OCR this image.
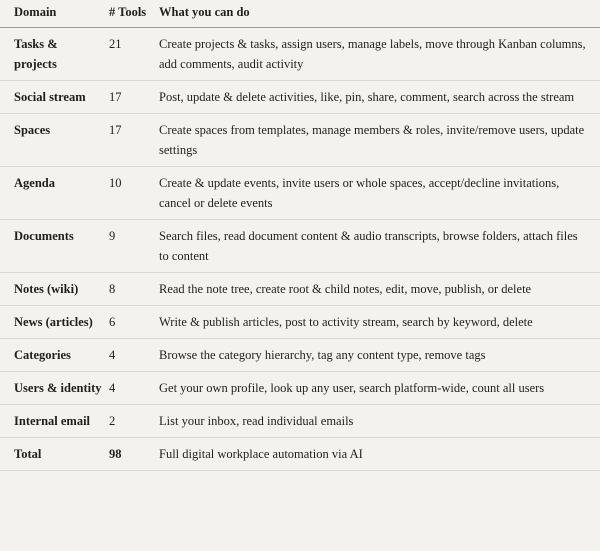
Domain	# Tools	What you can do
Tasks & projects	21	Create projects & tasks, assign users, manage labels, move through Kanban columns, add comments, audit activity
Social stream	17	Post, update & delete activities, like, pin, share, comment, search across the stream
Spaces	17	Create spaces from templates, manage members & roles, invite/remove users, update settings
Agenda	10	Create & update events, invite users or whole spaces, accept/decline invitations, cancel or delete events
Documents	9	Search files, read document content & audio transcripts, browse folders, attach files to content
Notes (wiki)	8	Read the note tree, create root & child notes, edit, move, publish, or delete
News (articles)	6	Write & publish articles, post to activity stream, search by keyword, delete
Categories	4	Browse the category hierarchy, tag any content type, remove tags
Users & identity	4	Get your own profile, look up any user, search platform-wide, count all users
Internal email	2	List your inbox, read individual emails
Total	98	Full digital workplace automation via AI
